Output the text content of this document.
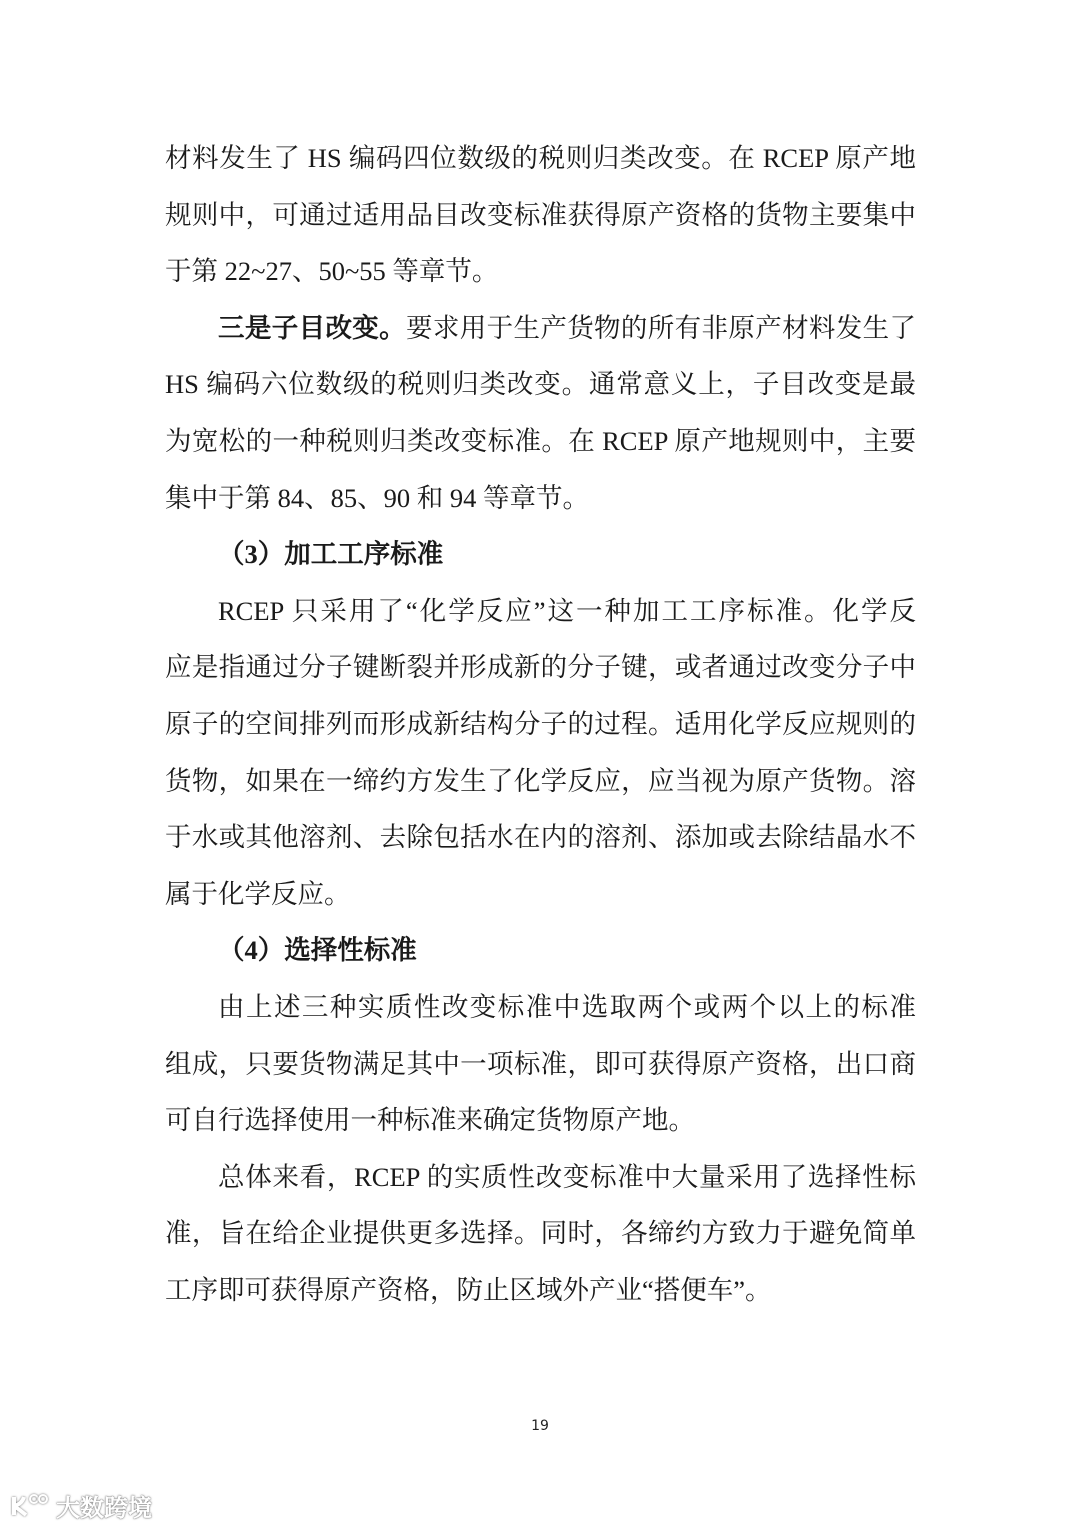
材料发生了 HS 编码四位数级的税则归类改变。在 RCEP 原产地
规则中，可通过适用品目改变标准获得原产资格的货物主要集中
于第 22~27、50~55 等章节。
三是子目改变。要求用于生产货物的所有非原产材料发生了
HS 编码六位数级的税则归类改变。通常意义上，子目改变是最
为宽松的一种税则归类改变标准。在 RCEP 原产地规则中，主要
集中于第 84、85、90 和 94 等章节。
（3）加工工序标准
RCEP 只采用了“化学反应”这一种加工工序标准。化学反
应是指通过分子键断裂并形成新的分子键，或者通过改变分子中
原子的空间排列而形成新结构分子的过程。适用化学反应规则的
货物，如果在一缔约方发生了化学反应，应当视为原产货物。溶
于水或其他溶剂、去除包括水在内的溶剂、添加或去除结晶水不
属于化学反应。
（4）选择性标准
由上述三种实质性改变标准中选取两个或两个以上的标准
组成，只要货物满足其中一项标准，即可获得原产资格，出口商
可自行选择使用一种标准来确定货物原产地。
总体来看，RCEP 的实质性改变标准中大量采用了选择性标
准，旨在给企业提供更多选择。同时，各缔约方致力于避免简单
工序即可获得原产资格，防止区域外产业“搭便车”。
19
大数跨境
